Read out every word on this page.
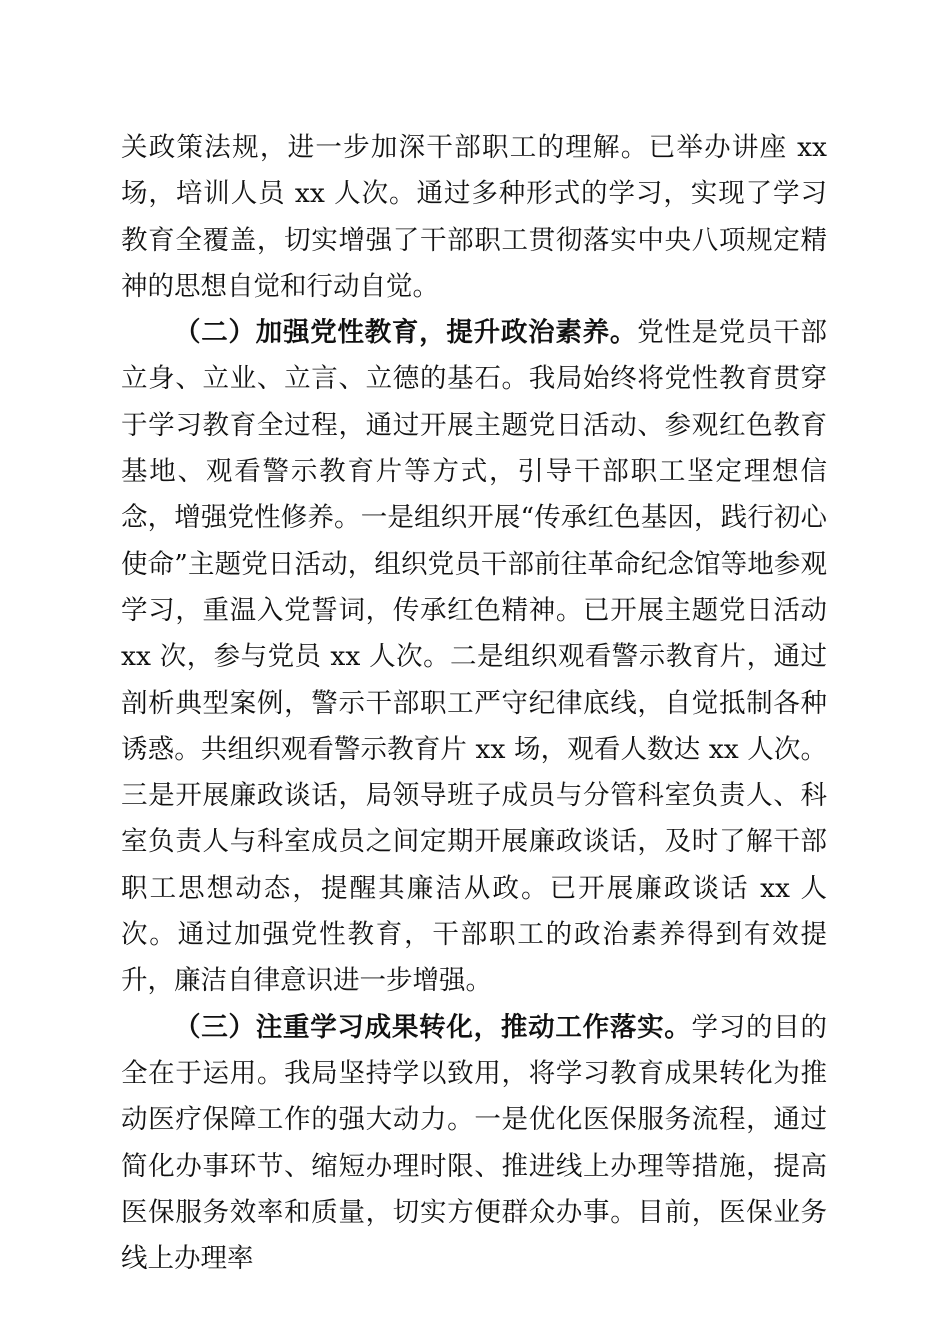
关政策法规，进一步加深干部职工的理解。已举办讲座 xx 场，培训人员 xx 人次。通过多种形式的学习，实现了学习教育全覆盖，切实增强了干部职工贯彻落实中央八项规定精神的思想自觉和行动自觉。

（二）加强党性教育，提升政治素养。党性是党员干部立身、立业、立言、立德的基石。我局始终将党性教育贯穿于学习教育全过程，通过开展主题党日活动、参观红色教育基地、观看警示教育片等方式，引导干部职工坚定理想信念，增强党性修养。一是组织开展“传承红色基因，践行初心使命”主题党日活动，组织党员干部前往革命纪念馆等地参观学习，重温入党誓词，传承红色精神。已开展主题党日活动 xx 次，参与党员 xx 人次。二是组织观看警示教育片，通过剖析典型案例，警示干部职工严守纪律底线，自觉抵制各种诱惑。共组织观看警示教育片 xx 场，观看人数达 xx 人次。三是开展廉政谈话，局领导班子成员与分管科室负责人、科室负责人与科室成员之间定期开展廉政谈话，及时了解干部职工思想动态，提醒其廉洁从政。已开展廉政谈话 xx 人次。通过加强党性教育，干部职工的政治素养得到有效提升，廉洁自律意识进一步增强。

（三）注重学习成果转化，推动工作落实。学习的目的全在于运用。我局坚持学以致用，将学习教育成果转化为推动医疗保障工作的强大动力。一是优化医保服务流程，通过简化办事环节、缩短办理时限、推进线上办理等措施，提高医保服务效率和质量，切实方便群众办事。目前，医保业务线上办理率
